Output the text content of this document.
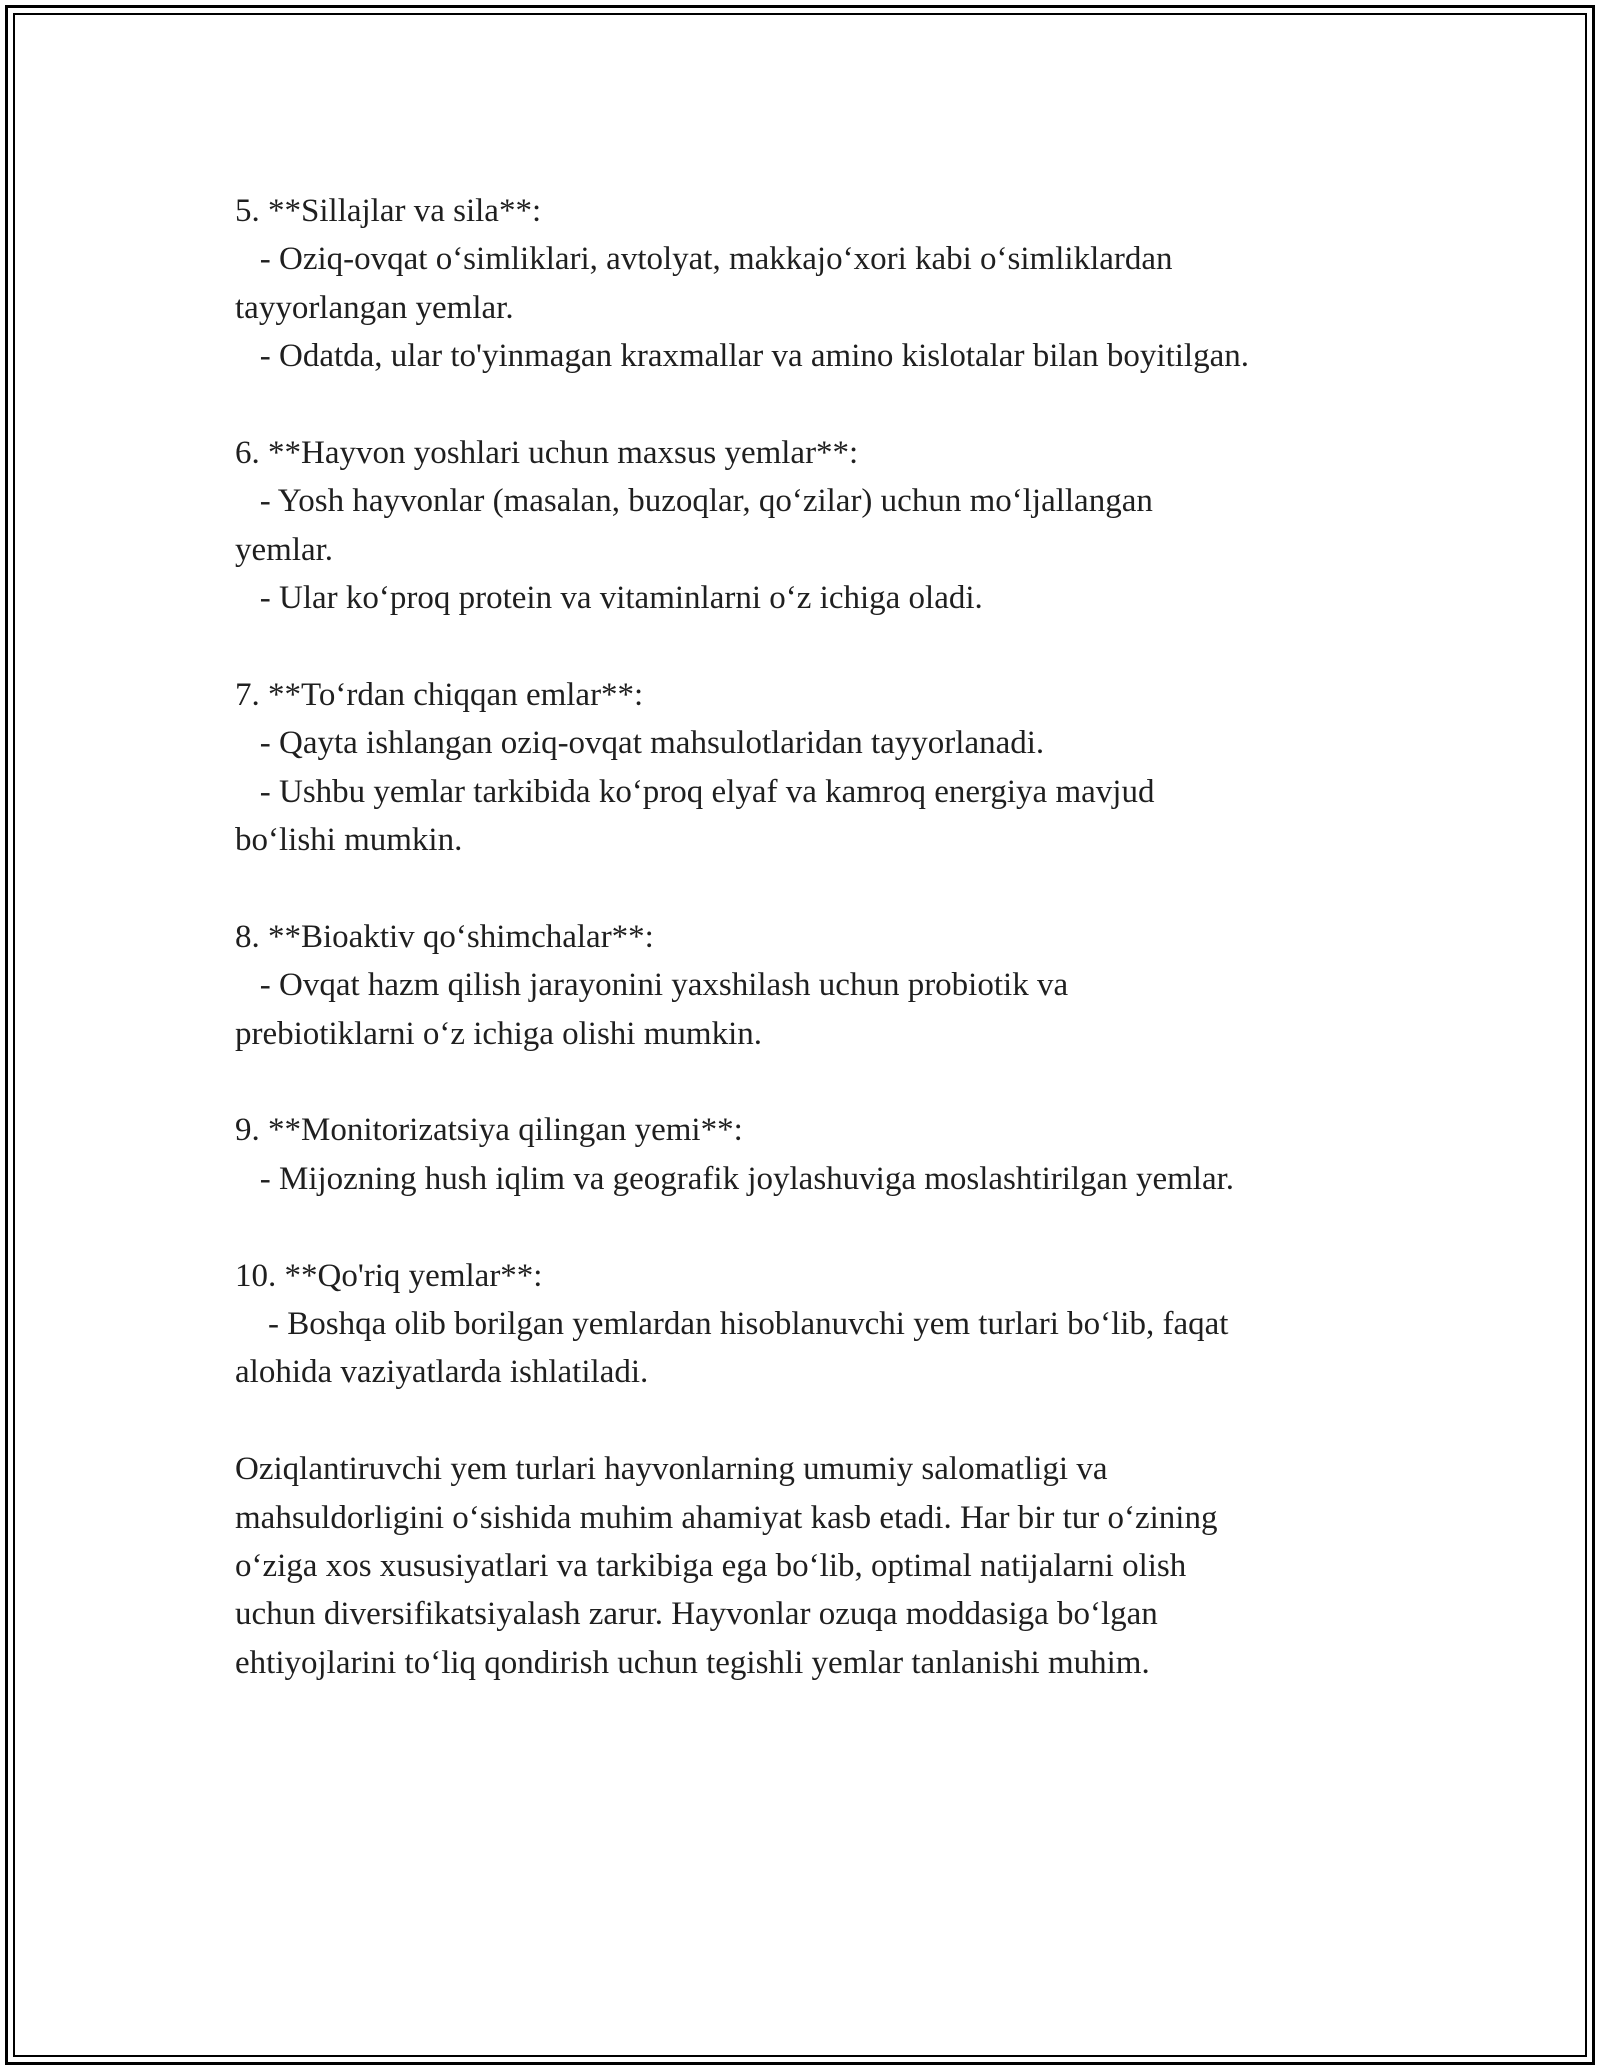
5. **Sillajlar va sila**:
- Oziq-ovqat o‘simliklari, avtolyat, makkajo‘xori kabi o‘simliklardan
tayyorlangan yemlar.
- Odatda, ular to'yinmagan kraxmallar va amino kislotalar bilan boyitilgan.
6. **Hayvon yoshlari uchun maxsus yemlar**:
- Yosh hayvonlar (masalan, buzoqlar, qo‘zilar) uchun mo‘ljallangan
yemlar.
- Ular ko‘proq protein va vitaminlarni o‘z ichiga oladi.
7. **To‘rdan chiqqan emlar**:
- Qayta ishlangan oziq-ovqat mahsulotlaridan tayyorlanadi.
- Ushbu yemlar tarkibida ko‘proq elyaf va kamroq energiya mavjud
bo‘lishi mumkin.
8. **Bioaktiv qo‘shimchalar**:
- Ovqat hazm qilish jarayonini yaxshilash uchun probiotik va
prebiotiklarni o‘z ichiga olishi mumkin.
9. **Monitorizatsiya qilingan yemi**:
- Mijozning hush iqlim va geografik joylashuviga moslashtirilgan yemlar.
10. **Qo'riq yemlar**:
- Boshqa olib borilgan yemlardan hisoblanuvchi yem turlari bo‘lib, faqat
alohida vaziyatlarda ishlatiladi.
Oziqlantiruvchi yem turlari hayvonlarning umumiy salomatligi va
mahsuldorligini o‘sishida muhim ahamiyat kasb etadi. Har bir tur o‘zining
o‘ziga xos xususiyatlari va tarkibiga ega bo‘lib, optimal natijalarni olish
uchun diversifikatsiyalash zarur. Hayvonlar ozuqa moddasiga bo‘lgan
ehtiyojlarini to‘liq qondirish uchun tegishli yemlar tanlanishi muhim.
